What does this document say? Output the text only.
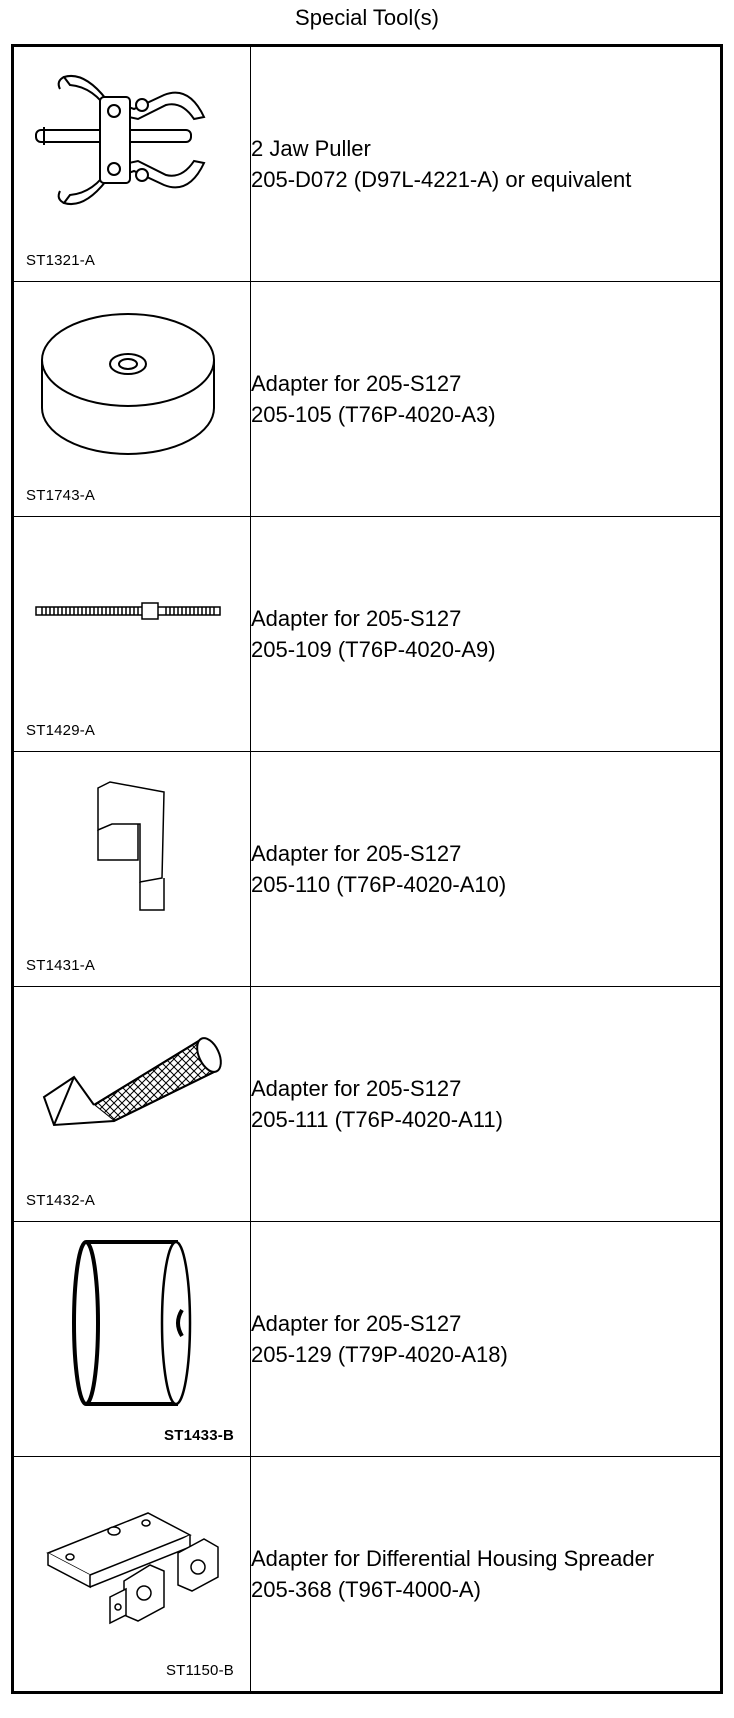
Special Tool(s)
ST1321-A	2 Jaw Puller
205-D072 (D97L-4221-A) or equivalent

ST1743-A	Adapter for 205-S127
205-105 (T76P-4020-A3)

ST1429-A	Adapter for 205-S127
205-109 (T76P-4020-A9)

ST1431-A	Adapter for 205-S127
205-110 (T76P-4020-A10)

ST1432-A	Adapter for 205-S127
205-111 (T76P-4020-A11)

ST1433-B	Adapter for 205-S127
205-129 (T79P-4020-A18)

ST1150-B	Adapter for Differential Housing Spreader
205-368 (T96T-4000-A)
